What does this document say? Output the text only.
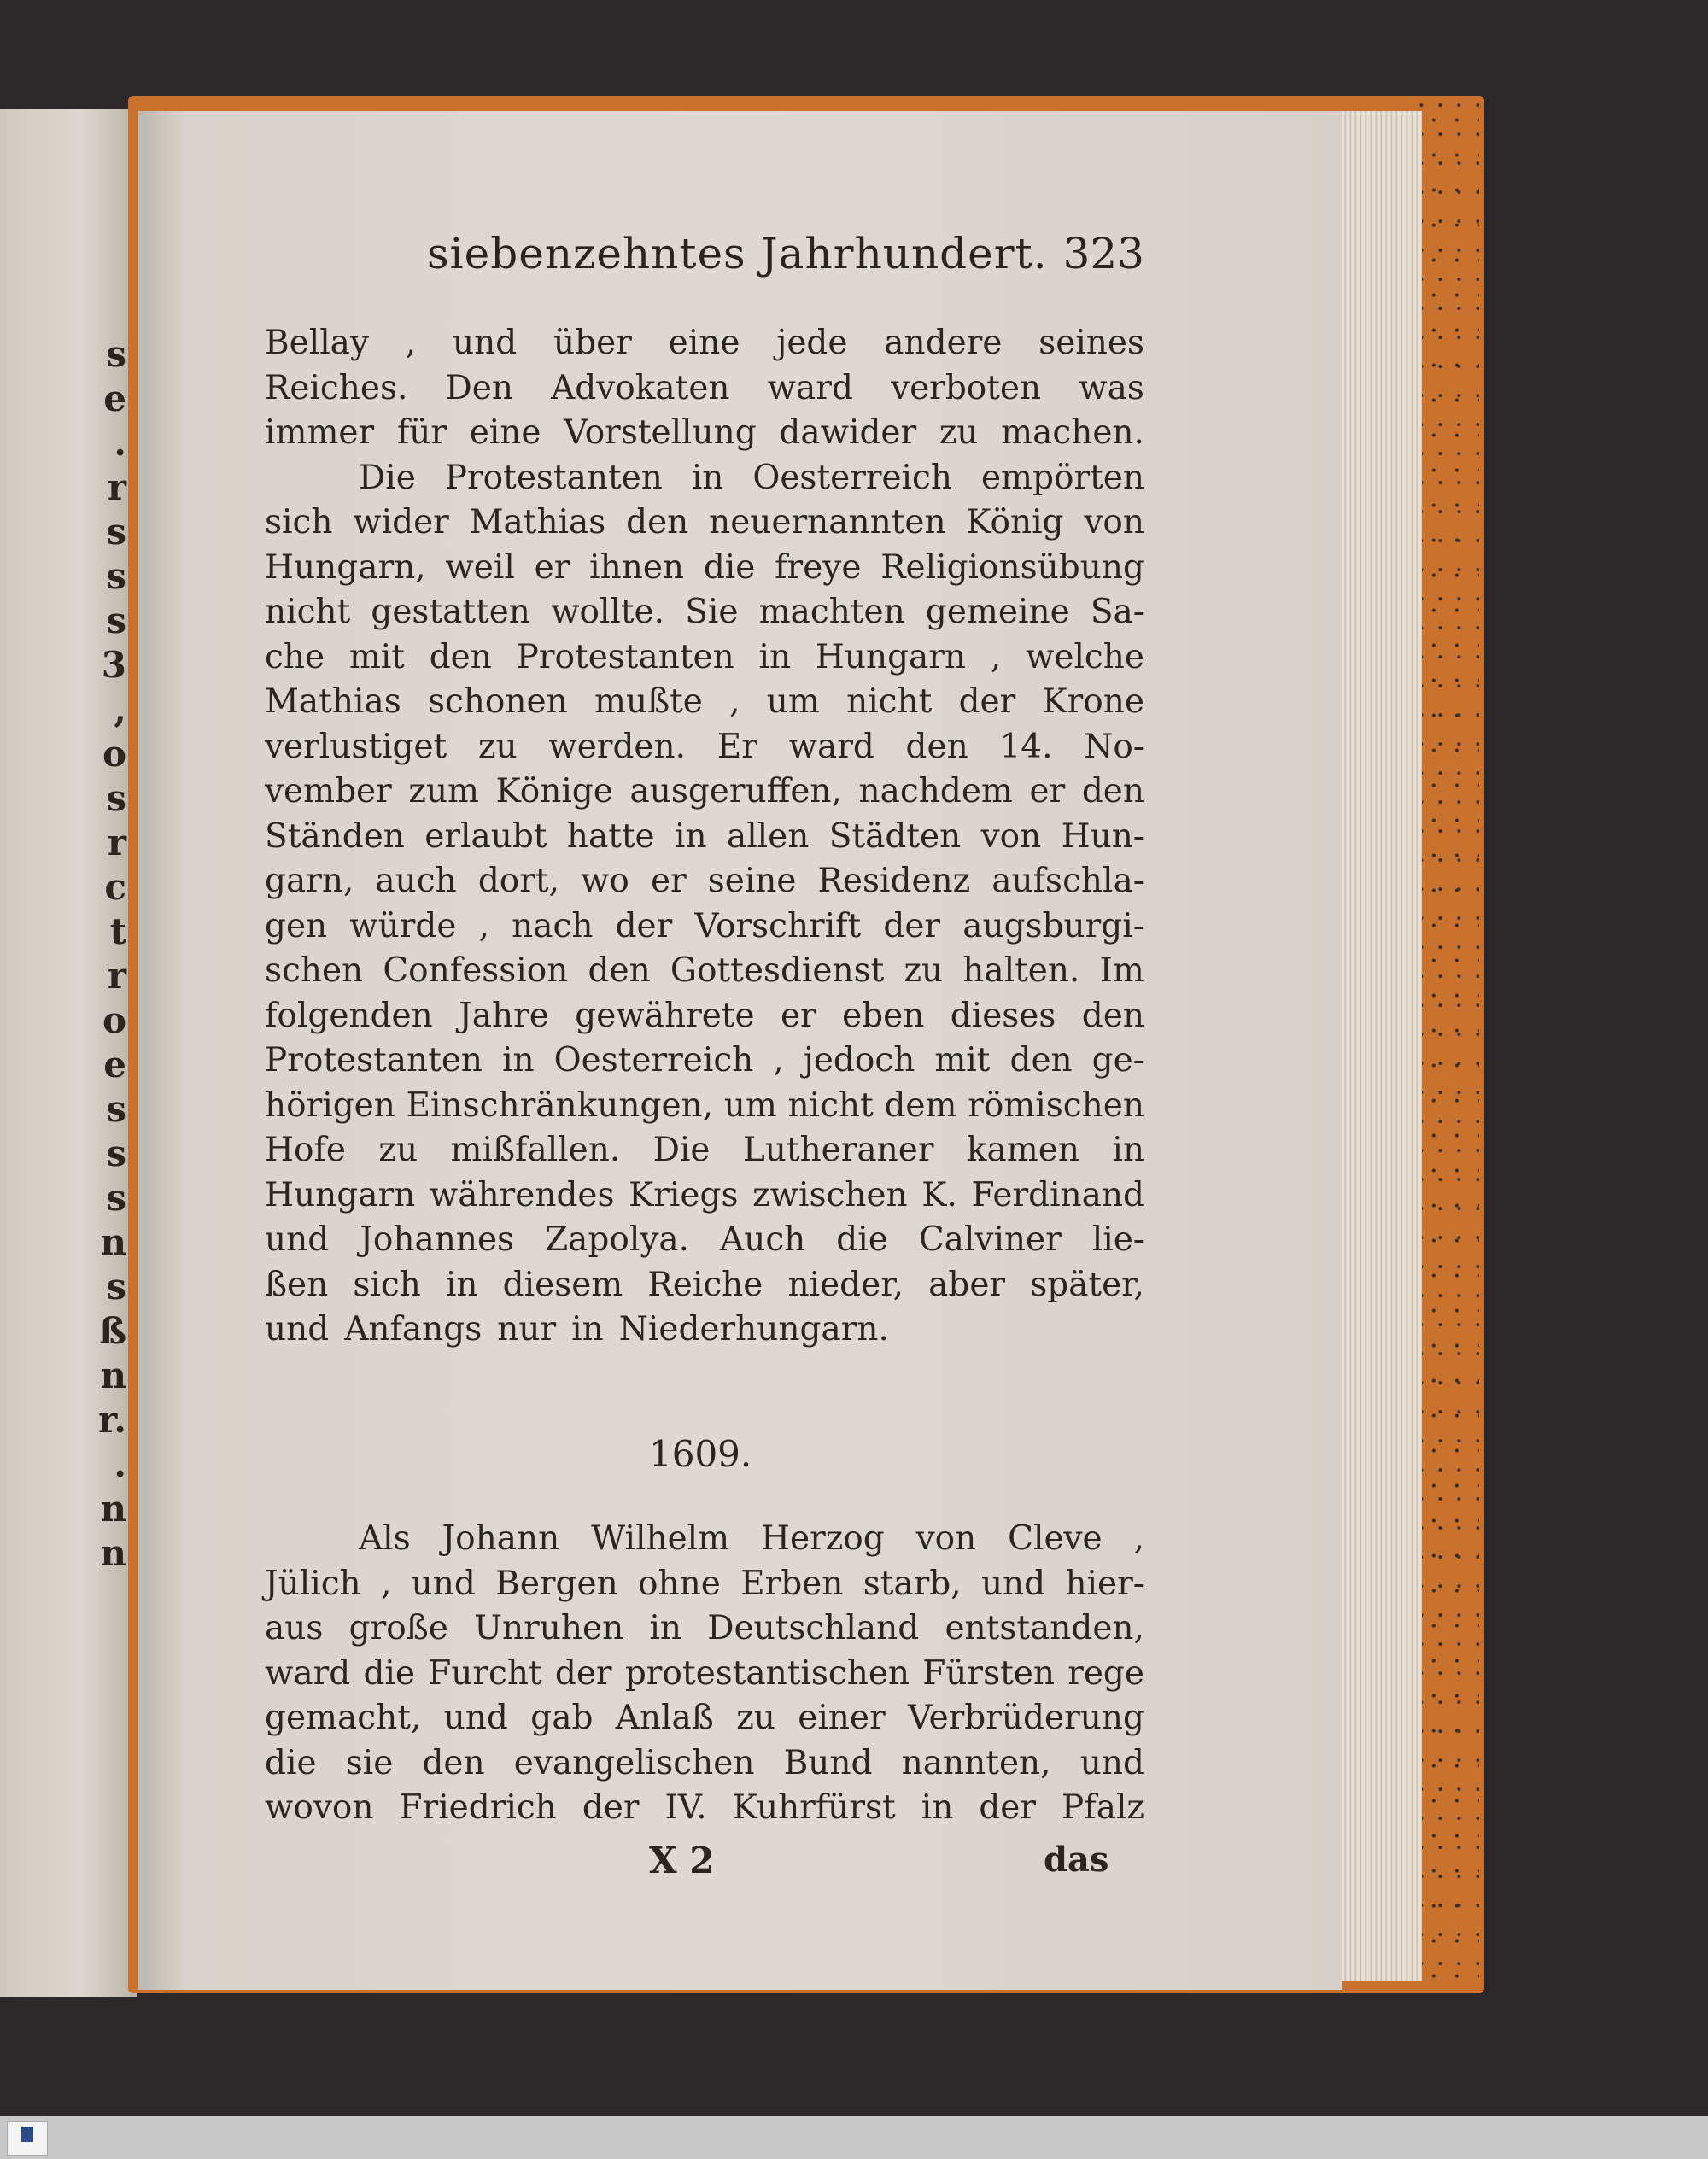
s
e
.
r
s
s
s
3
,
o
s
r
c
t
r
o
e
s
s
s
n
s
ß
n
r.
.
n
n
siebenzehntes Jahrhundert. 323
Bellay , und über eine jede andere seines
Reiches. Den Advokaten ward verboten was
immer für eine Vorstellung dawider zu machen.
Die Protestanten in Oesterreich empörten
sich wider Mathias den neuernannten König von
Hungarn, weil er ihnen die freye Religionsübung
nicht gestatten wollte. Sie machten gemeine Sa-
che mit den Protestanten in Hungarn , welche
Mathias schonen mußte , um nicht der Krone
verlustiget zu werden. Er ward den 14. No-
vember zum Könige ausgeruffen, nachdem er den
Ständen erlaubt hatte in allen Städten von Hun-
garn, auch dort, wo er seine Residenz aufschla-
gen würde , nach der Vorschrift der augsburgi-
schen Confession den Gottesdienst zu halten. Im
folgenden Jahre gewährete er eben dieses den
Protestanten in Oesterreich , jedoch mit den ge-
hörigen Einschränkungen, um nicht dem römischen
Hofe zu mißfallen. Die Lutheraner kamen in
Hungarn währendes Kriegs zwischen K. Ferdinand
und Johannes Zapolya. Auch die Calviner lie-
ßen sich in diesem Reiche nieder, aber später,
und Anfangs nur in Niederhungarn.
1609.
Als Johann Wilhelm Herzog von Cleve ,
Jülich , und Bergen ohne Erben starb, und hier-
aus große Unruhen in Deutschland entstanden,
ward die Furcht der protestantischen Fürsten rege
gemacht, und gab Anlaß zu einer Verbrüderung
die sie den evangelischen Bund nannten, und
wovon Friedrich der IV. Kuhrfürst in der Pfalz
X 2	das
